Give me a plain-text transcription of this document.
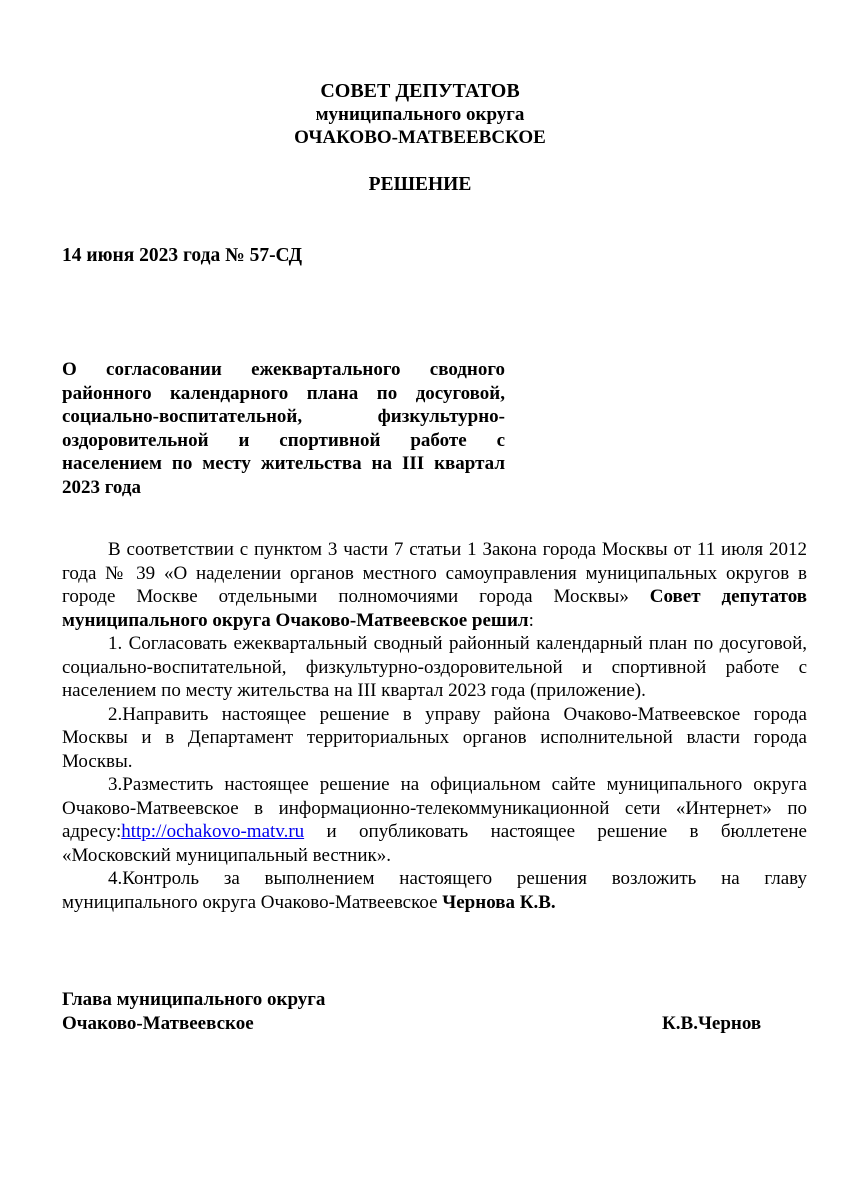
СОВЕТ ДЕПУТАТОВ
муниципального округа
ОЧАКОВО-МАТВЕЕВСКОЕ
РЕШЕНИЕ
14 июня 2023 года № 57-СД
О согласовании ежеквартального сводного районного календарного плана по досуговой, социально-воспитательной, физкультурно-оздоровительной и спортивной работе с населением по месту жительства на III квартал 2023 года

В соответствии с пунктом 3 части 7 статьи 1 Закона города Москвы от 11 июля 2012 года № 39 «О наделении органов местного самоуправления муниципальных округов в городе Москве отдельными полномочиями города Москвы» Совет депутатов муниципального округа Очаково-Матвеевское решил:

1. Согласовать ежеквартальный сводный районный календарный план по досуговой, социально-воспитательной, физкультурно-оздоровительной и спортивной работе с населением по месту жительства на III квартал 2023 года (приложение).

2.Направить настоящее решение в управу района Очаково-Матвеевское города Москвы и в Департамент территориальных органов исполнительной власти города Москвы.

3.Разместить настоящее решение на официальном сайте муниципального округа Очаково-Матвеевское в информационно-телекоммуникационной сети «Интернет» по адресу:http://ochakovo-matv.ru и опубликовать настоящее решение в бюллетене «Московский муниципальный вестник».

4.Контроль за выполнением настоящего решения возложить на главу муниципального округа Очаково-Матвеевское Чернова К.В.

Глава муниципального округа
Очаково-Матвеевское	К.В.Чернов
